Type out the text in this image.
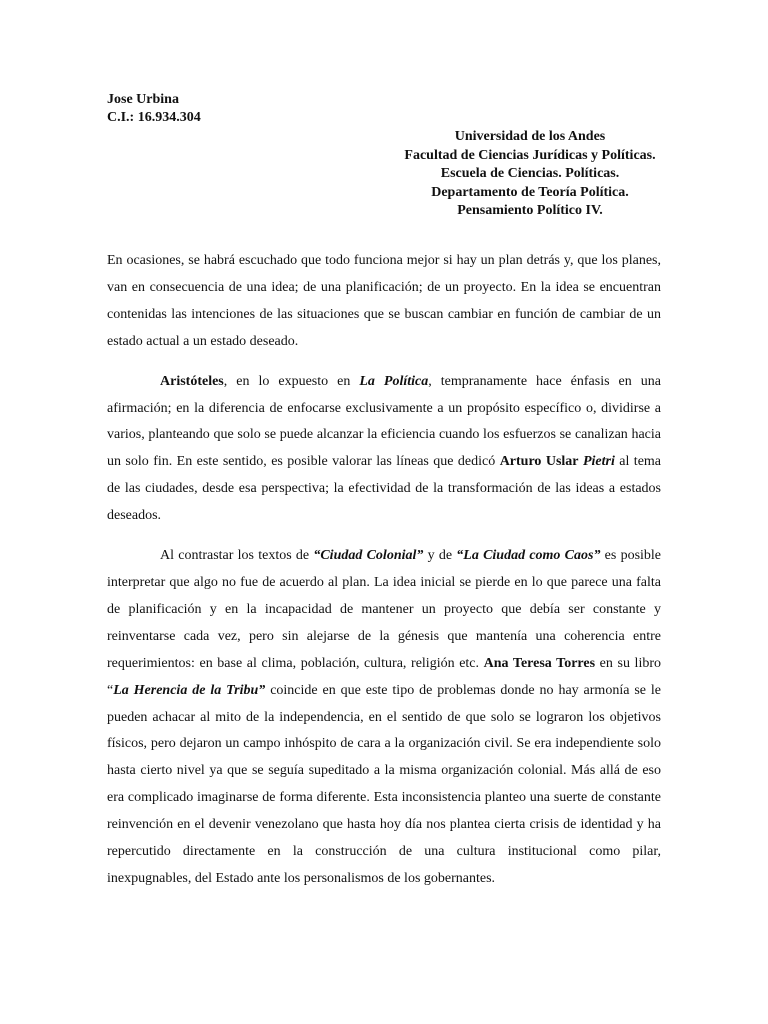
Jose Urbina
C.I.: 16.934.304
Universidad de los Andes
Facultad de Ciencias Jurídicas y Políticas.
Escuela de Ciencias. Políticas.
Departamento de Teoría Política.
Pensamiento Político IV.

En ocasiones, se habrá escuchado que todo funciona mejor si hay un plan detrás y, que los planes, van en consecuencia de una idea; de una planificación; de un proyecto. En la idea se encuentran contenidas las intenciones de las situaciones que se buscan cambiar en función de cambiar de un estado actual a un estado deseado.

Aristóteles, en lo expuesto en La Política, tempranamente hace énfasis en una afirmación; en la diferencia de enfocarse exclusivamente a un propósito específico o, dividirse a varios, planteando que solo se puede alcanzar la eficiencia cuando los esfuerzos se canalizan hacia un solo fin. En este sentido, es posible valorar las líneas que dedicó Arturo Uslar Pietri al tema de las ciudades, desde esa perspectiva; la efectividad de la transformación de las ideas a estados deseados.

Al contrastar los textos de “Ciudad Colonial” y de “La Ciudad como Caos” es posible interpretar que algo no fue de acuerdo al plan. La idea inicial se pierde en lo que parece una falta de planificación y en la incapacidad de mantener un proyecto que debía ser constante y reinventarse cada vez, pero sin alejarse de la génesis que mantenía una coherencia entre requerimientos: en base al clima, población, cultura, religión etc. Ana Teresa Torres en su libro “La Herencia de la Tribu” coincide en que este tipo de problemas donde no hay armonía se le pueden achacar al mito de la independencia, en el sentido de que solo se lograron los objetivos físicos, pero dejaron un campo inhóspito de cara a la organización civil. Se era independiente solo hasta cierto nivel ya que se seguía supeditado a la misma organización colonial. Más allá de eso era complicado imaginarse de forma diferente. Esta inconsistencia planteo una suerte de constante reinvención en el devenir venezolano que hasta hoy día nos plantea cierta crisis de identidad y ha repercutido directamente en la construcción de una cultura institucional como pilar, inexpugnables, del Estado ante los personalismos de los gobernantes.
